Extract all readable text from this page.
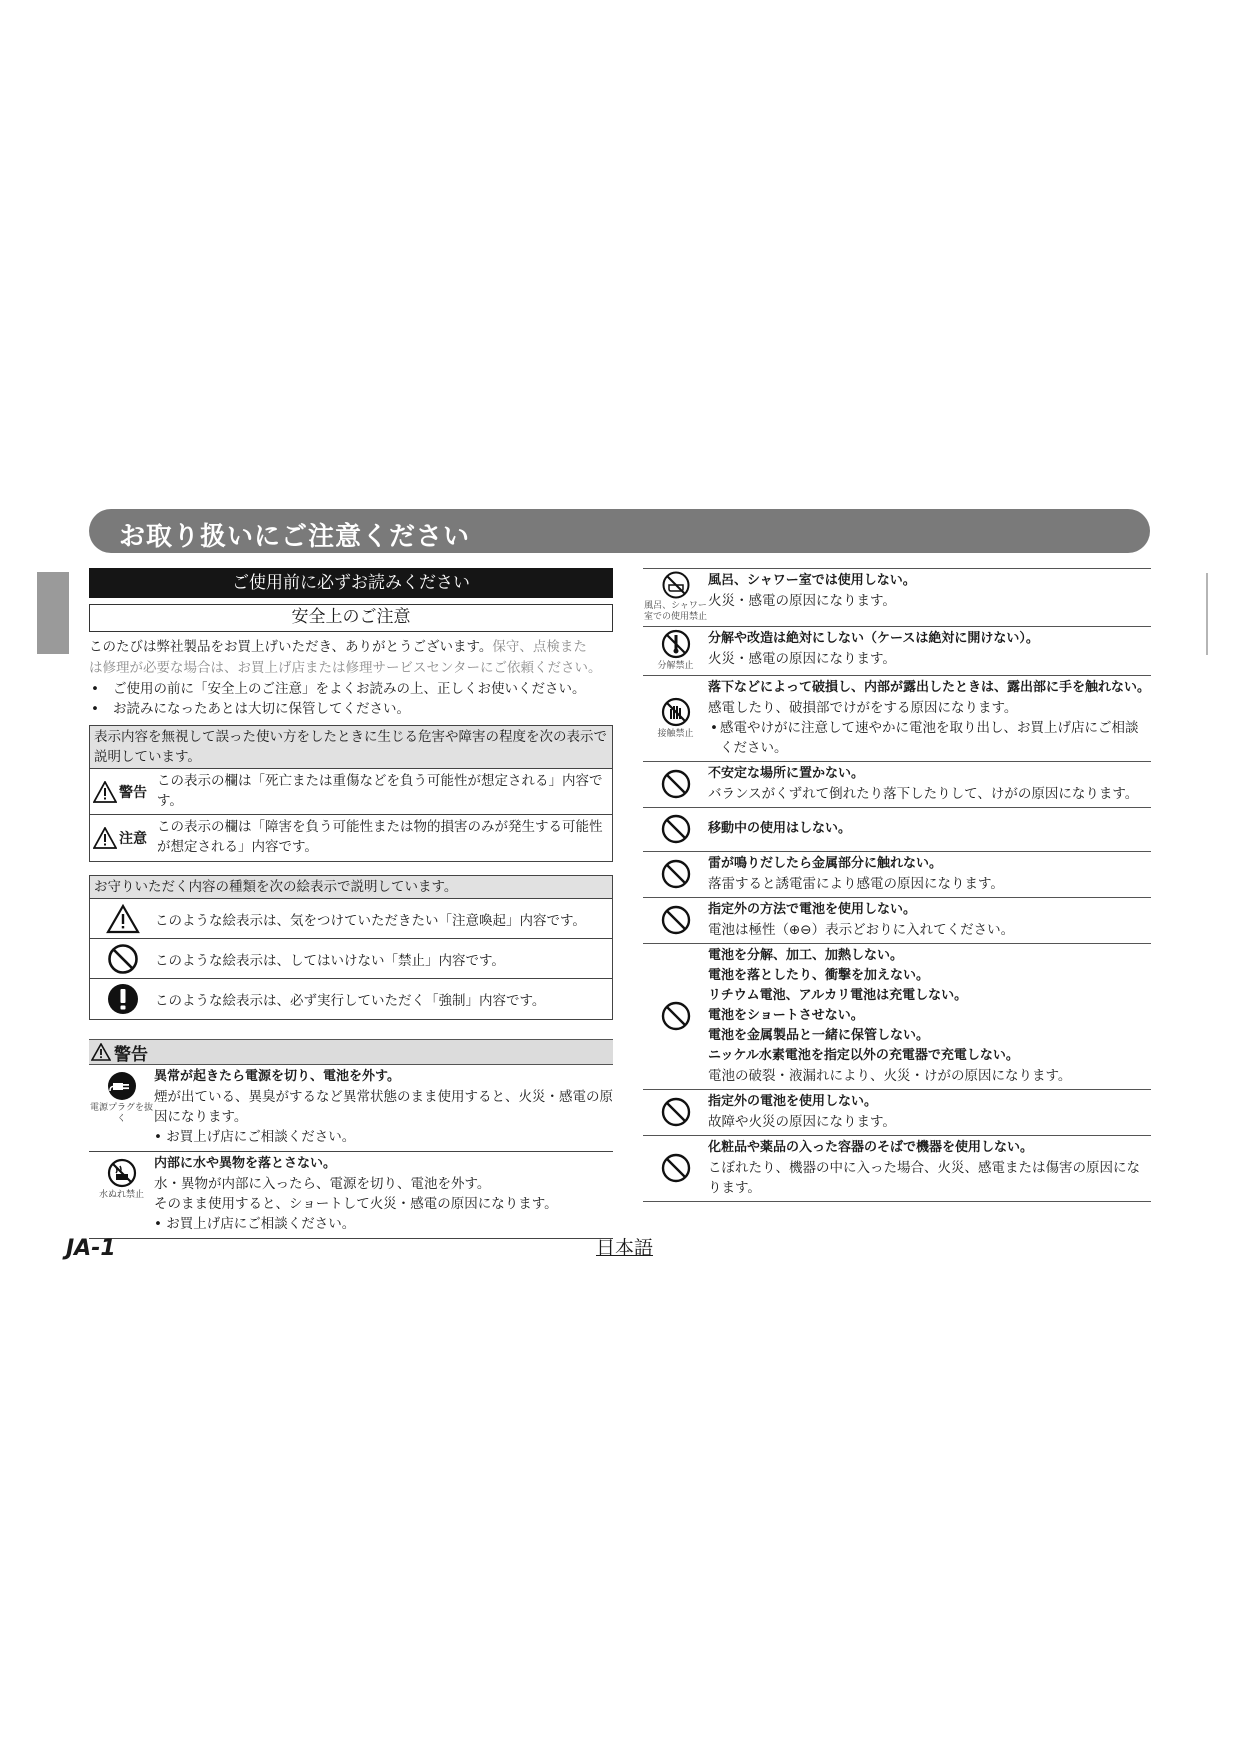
お取り扱いにご注意ください
ご使用前に必ずお読みください
安全上のご注意
このたびは弊社製品をお買上げいただき、ありがとうございます。保守、点検また
は修理が必要な場合は、お買上げ店または修理サービスセンターにご依頼ください。
• ご使用の前に「安全上のご注意」をよくお読みの上、正しくお使いください。
• お読みになったあとは大切に保管してください。
表示内容を無視して誤った使い方をしたときに生じる危害や障害の程度を次の表示で説明しています。
警告
この表示の欄は「死亡または重傷などを負う可能性が想定される」内容です。
注意
この表示の欄は「障害を負う可能性または物的損害のみが発生する可能性が想定される」内容です。
お守りいただく内容の種類を次の絵表示で説明しています。
このような絵表示は、気をつけていただきたい「注意喚起」内容です。
このような絵表示は、してはいけない「禁止」内容です。
このような絵表示は、必ず実行していただく「強制」内容です。
警告
電源プラグを抜く
異常が起きたら電源を切り、電池を外す。
煙が出ている、異臭がするなど異常状態のまま使用すると、火災・感電の原因になります。
• お買上げ店にご相談ください。
水ぬれ禁止
内部に水や異物を落とさない。
水・異物が内部に入ったら、電源を切り、電池を外す。
そのまま使用すると、ショートして火災・感電の原因になります。
• お買上げ店にご相談ください。
風呂、シャワー室での使用禁止
風呂、シャワー室では使用しない。
火災・感電の原因になります。
分解禁止
分解や改造は絶対にしない（ケースは絶対に開けない）。
火災・感電の原因になります。
接触禁止
落下などによって破損し、内部が露出したときは、露出部に手を触れない。
感電したり、破損部でけがをする原因になります。
• 感電やけがに注意して速やかに電池を取り出し、お買上げ店にご相談ください。
不安定な場所に置かない。
バランスがくずれて倒れたり落下したりして、けがの原因になります。
移動中の使用はしない。
雷が鳴りだしたら金属部分に触れない。
落雷すると誘電雷により感電の原因になります。
指定外の方法で電池を使用しない。
電池は極性（⊕⊖）表示どおりに入れてください。
電池を分解、加工、加熱しない。
電池を落としたり、衝撃を加えない。
リチウム電池、アルカリ電池は充電しない。
電池をショートさせない。
電池を金属製品と一緒に保管しない。
ニッケル水素電池を指定以外の充電器で充電しない。
電池の破裂・液漏れにより、火災・けがの原因になります。
指定外の電池を使用しない。
故障や火災の原因になります。
化粧品や薬品の入った容器のそばで機器を使用しない。
こぼれたり、機器の中に入った場合、火災、感電または傷害の原因になります。
JA-1	日本語
